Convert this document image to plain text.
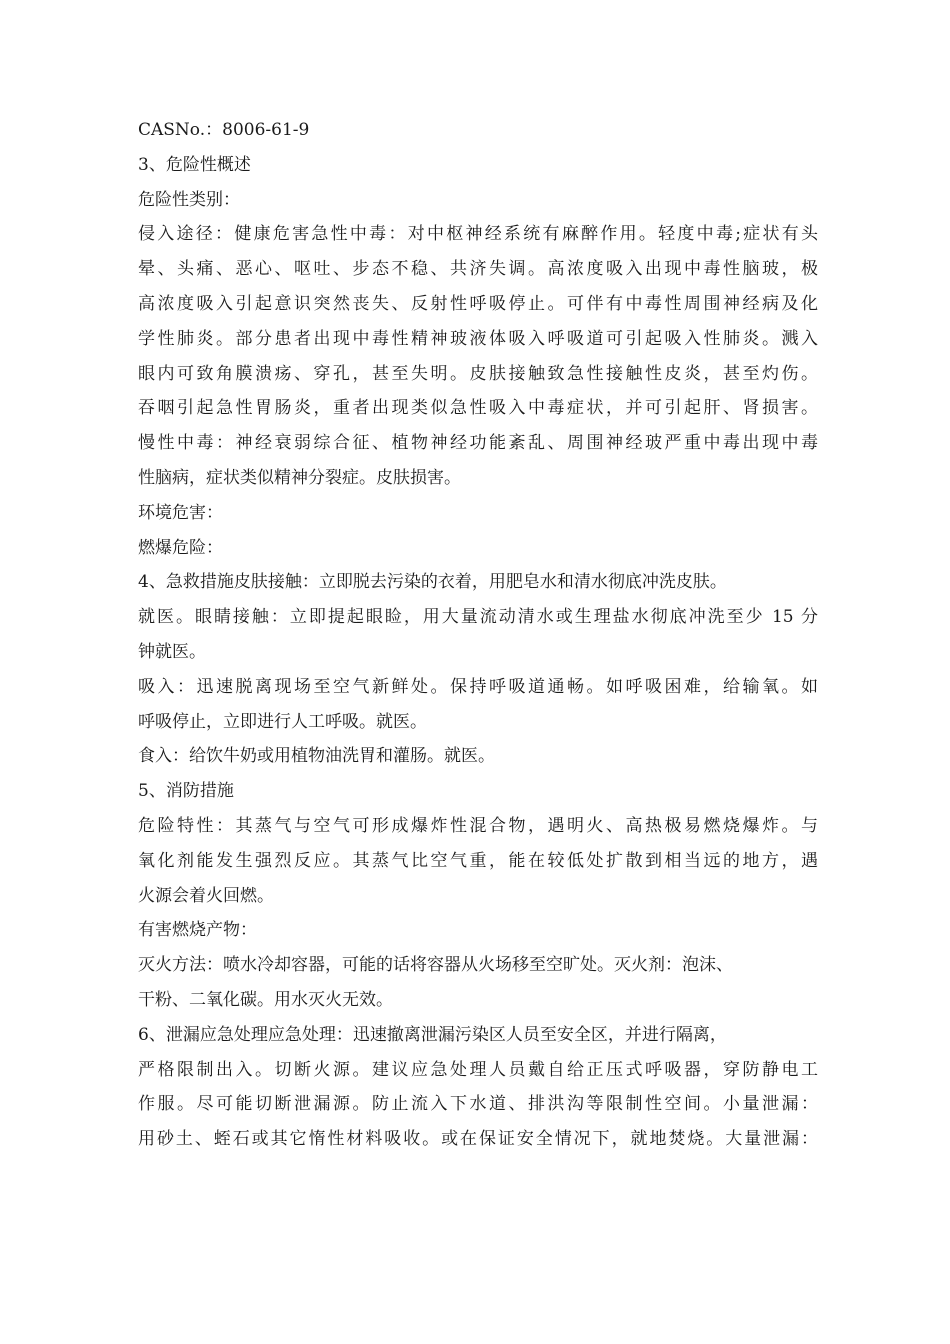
CASNo.：8006-61-9

3、危险性概述

危险性类别：

侵入途径：健康危害急性中毒：对中枢神经系统有麻醉作用。轻度中毒;症状有头

晕、头痛、恶心、呕吐、步态不稳、共济失调。高浓度吸入出现中毒性脑玻，极

高浓度吸入引起意识突然丧失、反射性呼吸停止。可伴有中毒性周围神经病及化

学性肺炎。部分患者出现中毒性精神玻液体吸入呼吸道可引起吸入性肺炎。溅入

眼内可致角膜溃疡、穿孔，甚至失明。皮肤接触致急性接触性皮炎，甚至灼伤。

吞咽引起急性胃肠炎，重者出现类似急性吸入中毒症状，并可引起肝、肾损害。

慢性中毒：神经衰弱综合征、植物神经功能紊乱、周围神经玻严重中毒出现中毒

性脑病，症状类似精神分裂症。皮肤损害。

环境危害：

燃爆危险：

4、急救措施皮肤接触：立即脱去污染的衣着，用肥皂水和清水彻底冲洗皮肤。

就医。眼睛接触：立即提起眼睑，用大量流动清水或生理盐水彻底冲洗至少 15 分

钟就医。

吸入：迅速脱离现场至空气新鲜处。保持呼吸道通畅。如呼吸困难，给输氧。如

呼吸停止，立即进行人工呼吸。就医。

食入：给饮牛奶或用植物油洗胃和灌肠。就医。

5、消防措施

危险特性：其蒸气与空气可形成爆炸性混合物，遇明火、高热极易燃烧爆炸。与

氧化剂能发生强烈反应。其蒸气比空气重，能在较低处扩散到相当远的地方，遇

火源会着火回燃。

有害燃烧产物：

灭火方法：喷水冷却容器，可能的话将容器从火场移至空旷处。灭火剂：泡沫、

干粉、二氧化碳。用水灭火无效。

6、泄漏应急处理应急处理：迅速撤离泄漏污染区人员至安全区，并进行隔离，

严格限制出入。切断火源。建议应急处理人员戴自给正压式呼吸器，穿防静电工

作服。尽可能切断泄漏源。防止流入下水道、排洪沟等限制性空间。小量泄漏：

用砂土、蛭石或其它惰性材料吸收。或在保证安全情况下，就地焚烧。大量泄漏：
